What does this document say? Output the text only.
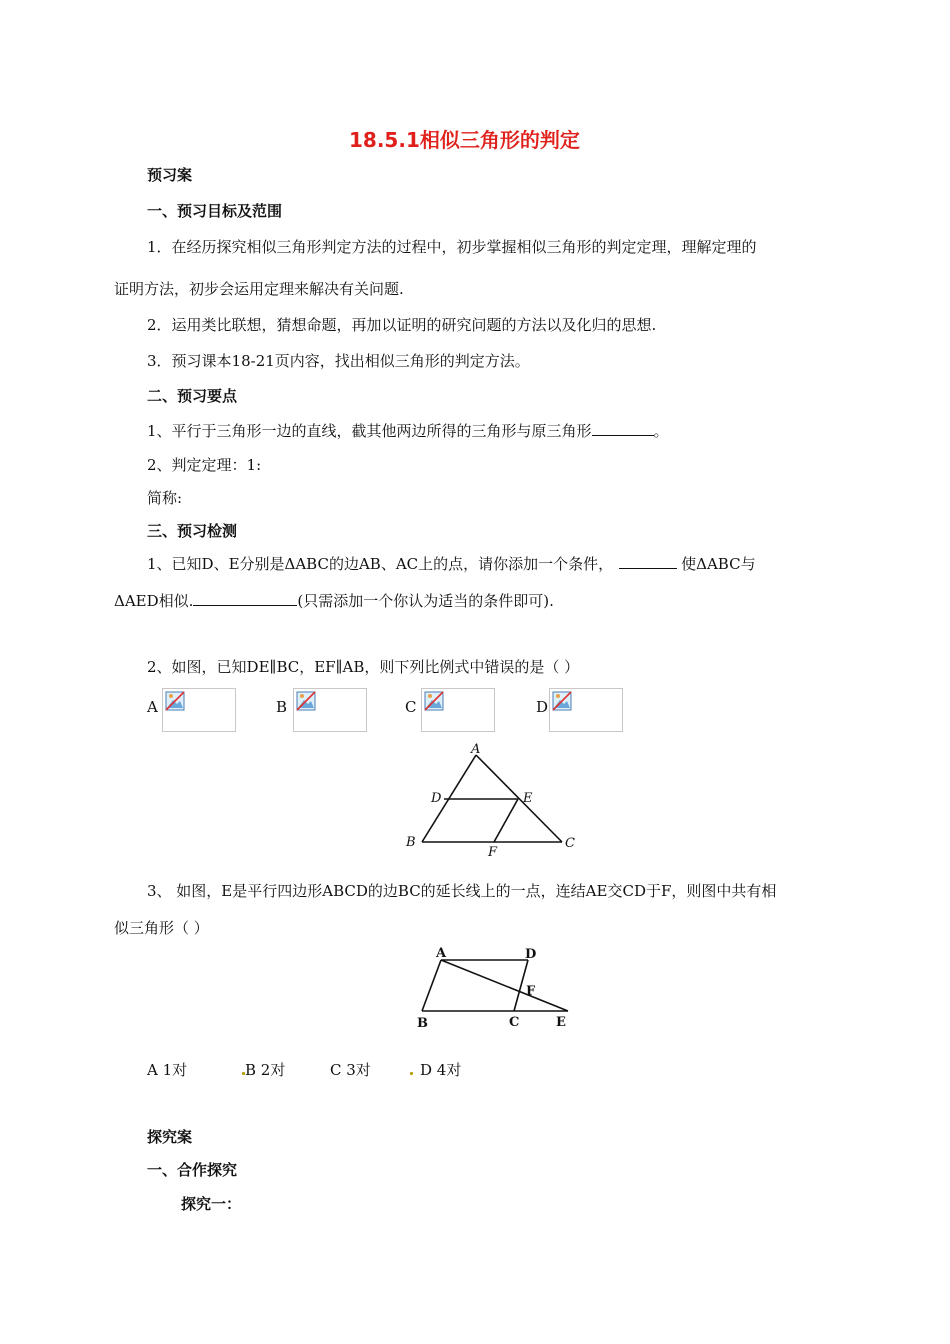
18.5.1相似三角形的判定
预习案
一、预习目标及范围
1．在经历探究相似三角形判定方法的过程中，初步掌握相似三角形的判定定理，理解定理的
证明方法，初步会运用定理来解决有关问题.
2．运用类比联想，猜想命题，再加以证明的研究问题的方法以及化归的思想.
3．预习课本18-21页内容，找出相似三角形的判定方法。
二、预习要点
1、平行于三角形一边的直线，截其他两边所得的三角形与原三角形	。
2、判定定理：1:
简称:
三、预习检测
1、已知D、E分别是ΔABC的边AB、AC上的点，请你添加一个条件，	使ΔABC与
ΔAED相似.	(只需添加一个你认为适当的条件即可).
2、如图，已知DE∥BC，EF∥AB，则下列比例式中错误的是（ ）
A	B	C	D
A
D	E
B
F
C
3、 如图，E是平行四边形ABCD的边BC的延长线上的一点，连结AE交CD于F，则图中共有相
似三角形（ ）
A	D
F
B	C	E
A 1对	B 2对	C 3对	D 4对
探究案
一、合作探究
探究一：
